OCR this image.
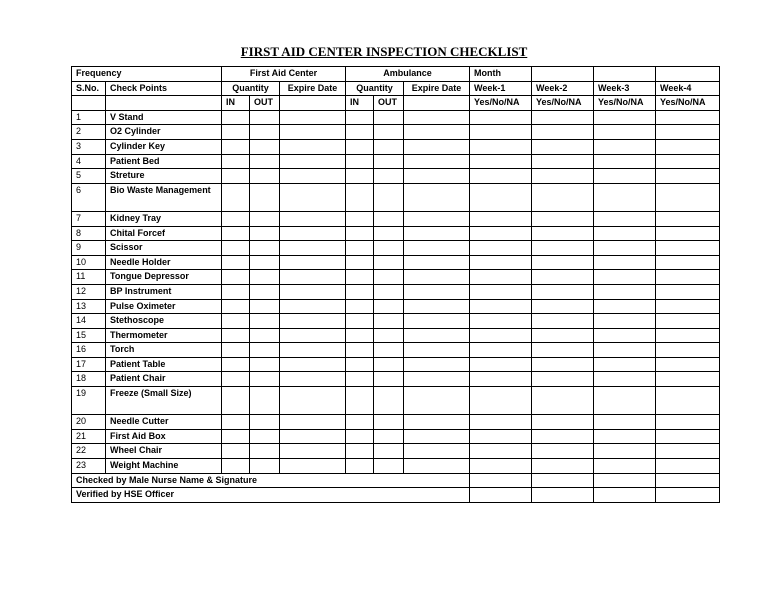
FIRST AID CENTER INSPECTION CHECKLIST
Frequency		First Aid Center			Ambulance			Month			
S.No.	Check Points	Quantity		Expire Date	Quantity		Expire Date	Week-1	Week-2	Week-3	Week-4
		IN	OUT		IN	OUT		Yes/No/NA	Yes/No/NA	Yes/No/NA	Yes/No/NA
1	V Stand										
2	O2 Cylinder										
3	Cylinder Key										
4	Patient Bed										
5	Streture										
6	Bio Waste Management										
7	Kidney Tray										
8	Chital Forcef										
9	Scissor										
10	Needle Holder										
11	Tongue Depressor										
12	BP Instrument										
13	Pulse Oximeter										
14	Stethoscope										
15	Thermometer										
16	Torch										
17	Patient Table										
18	Patient Chair										
19	Freeze (Small Size)										
20	Needle Cutter										
21	First Aid Box										
22	Wheel Chair										
23	Weight Machine										
Checked by Male Nurse Name & Signature											
Verified by HSE Officer											
